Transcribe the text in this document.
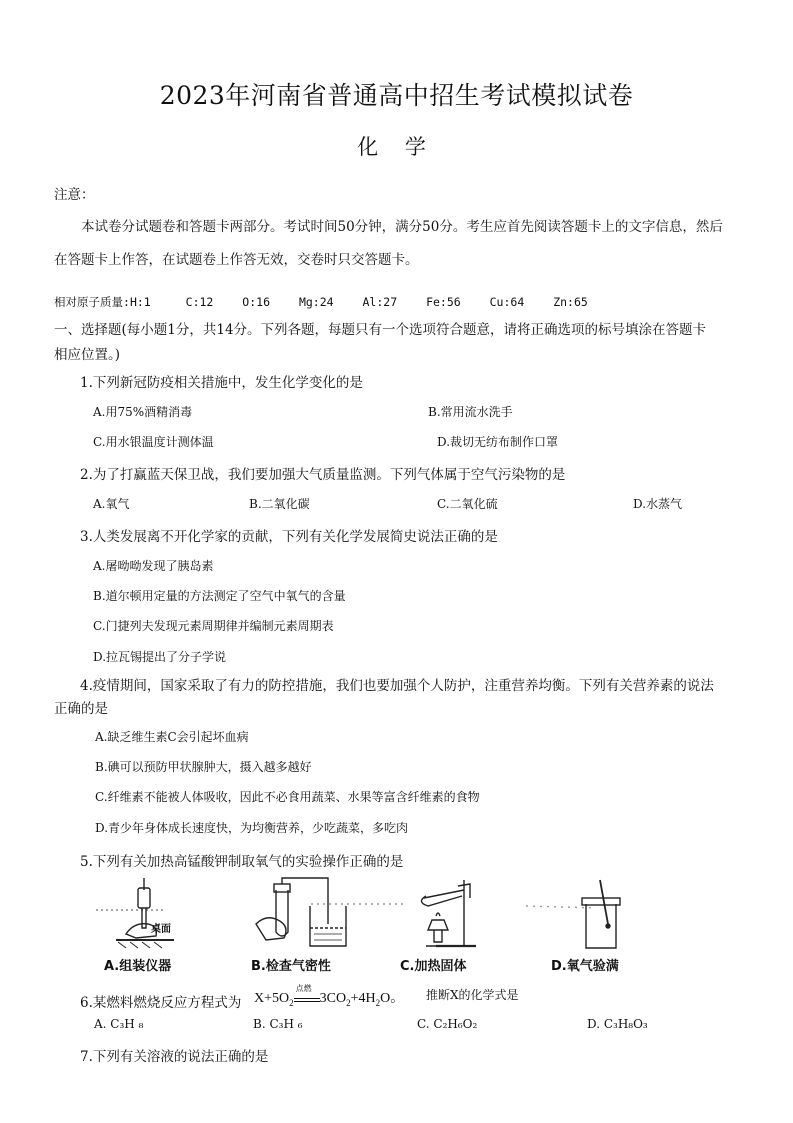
2023年河南省普通高中招生考试模拟试卷
化 学
注意：
本试卷分试题卷和答题卡两部分。考试时间50分钟，满分50分。考生应首先阅读答题卡上的文字信息，然后
在答题卡上作答，在试题卷上作答无效，交卷时只交答题卡。
相对原子质量:H:1	C:12	O:16	Mg:24	Al:27	Fe:56	Cu:64	Zn:65
一、选择题(每小题1分，共14分。下列各题，每题只有一个选项符合题意，请将正确选项的标号填涂在答题卡
相应位置。)
1.下列新冠防疫相关措施中，发生化学变化的是
A.用75%酒精消毒	B.常用流水洗手
C.用水银温度计测体温	D.裁切无纺布制作口罩
2.为了打赢蓝天保卫战，我们要加强大气质量监测。下列气体属于空气污染物的是
A.氧气	B.二氧化碳	C.二氧化硫	D.水蒸气
3.人类发展离不开化学家的贡献，下列有关化学发展简史说法正确的是
A.屠呦呦发现了胰岛素
B.道尔顿用定量的方法测定了空气中氧气的含量
C.门捷列夫发现元素周期律并编制元素周期表
D.拉瓦锡提出了分子学说
4.疫情期间，国家采取了有力的防控措施，我们也要加强个人防护，注重营养均衡。下列有关营养素的说法
正确的是
A.缺乏维生素C会引起坏血病
B.碘可以预防甲状腺肿大，摄入越多越好
C.纤维素不能被人体吸收，因此不必食用蔬菜、水果等富含纤维素的食物
D.青少年身体成长速度快，为均衡营养，少吃蔬菜，多吃肉
5.下列有关加热高锰酸钾制取氧气的实验操作正确的是
桌面
A.组装仪器	B.检查气密性	C.加热固体	D.氧气验满
6.某燃料燃烧反应方程式为 $X+5O_2$
点燃
$3CO_2+4H_2O$。 推断X的化学式是
A. C₃H ₈	B. C₃H ₆	C. C₂H₆O₂	D. C₃H₈O₃
7.下列有关溶液的说法正确的是
